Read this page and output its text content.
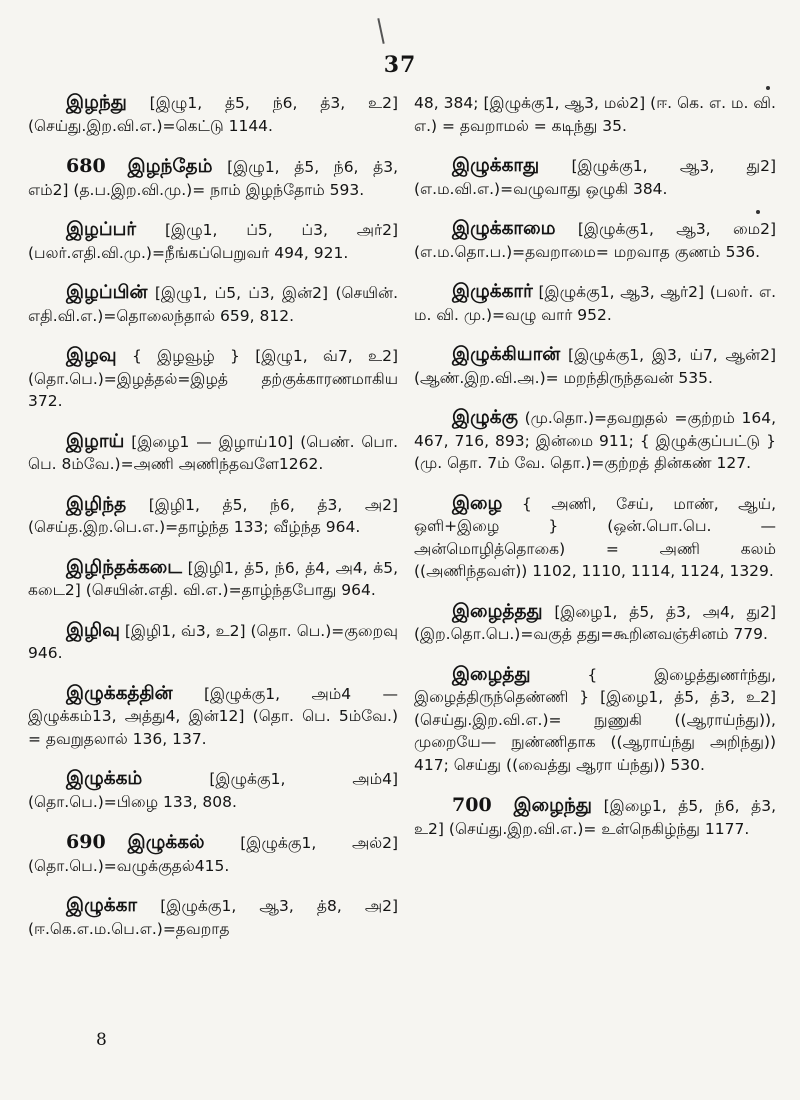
37

இழந்து [இழு1, த்5, ந்6, த்3, உ2] (செய்து.இற.வி.எ.)=கெட்டு 1144.

680 இழந்தேம் [இழு1, த்5, ந்6, த்3, எம்2] (த.ப.இற.வி.மு.)= நாம் இழந்தோம் 593.

இழப்பர் [இழு1, ப்5, ப்3, அர்2] (பலர்.எதி.வி.மு.)=நீங்கப்பெறுவர் 494, 921.

இழப்பின் [இழு1, ப்5, ப்3, இன்2] (செயின். எதி.வி.எ.)=தொலைந்தால் 659, 812.

இழவு { இழவூழ் } [இழு1, வ்7, உ2] (தொ.பெ.)=இழத்தல்=இழத் தற்குக்காரணமாகிய 372.

இழாய் [இழை1 — இழாய்10] (பெண். பொ. பெ. 8ம்வே.)=அணி அணிந்தவளே1262.

இழிந்த [இழி1, த்5, ந்6, த்3, அ2] (செய்த.இற.பெ.எ.)=தாழ்ந்த 133; வீழ்ந்த 964.

இழிந்தக்கடை [இழி1, த்5, ந்6, த்4, அ4, க்5, கடை2] (செயின்.எதி. வி.எ.)=தாழ்ந்தபோது 964.

இழிவு [இழி1, வ்3, உ2] (தொ. பெ.)=குறைவு 946.

இழுக்கத்தின் [இழுக்கு1, அம்4 — இழுக்கம்13, அத்து4, இன்12] (தொ. பெ. 5ம்வே.) = தவறுதலால் 136, 137.

இழுக்கம் [இழுக்கு1, அம்4] (தொ.பெ.)=பிழை 133, 808.

690 இழுக்கல் [இழுக்கு1, அல்2] (தொ.பெ.)=வழுக்குதல்415.

இழுக்கா [இழுக்கு1, ஆ3, த்8, அ2] (ஈ.கெ.எ.ம.பெ.எ.)=தவறாத

48, 384; [இழுக்கு1, ஆ3, மல்2] (ஈ. கெ. எ. ம. வி. எ.) = தவறாமல் = கடிந்து 35.

இழுக்காது [இழுக்கு1, ஆ3, து2] (எ.ம.வி.எ.)=வழுவாது ஒழுகி 384.

இழுக்காமை [இழுக்கு1, ஆ3, மை2] (எ.ம.தொ.ப.)=தவறாமை= மறவாத குணம் 536.

இழுக்கார் [இழுக்கு1, ஆ3, ஆர்2] (பலர். எ. ம. வி. மு.)=வழு வார் 952.

இழுக்கியான் [இழுக்கு1, இ3, ய்7, ஆன்2] (ஆண்.இற.வி.அ.)= மறந்திருந்தவன் 535.

இழுக்கு (மு.தொ.)=தவறுதல் =குற்றம் 164, 467, 716, 893; இன்மை 911; { இழுக்குப்பட்டு } (மு. தொ. 7ம் வே. தொ.)=குற்றத் தின்கண் 127.

இழை { அணி, சேய், மாண், ஆய், ஒளி+இழை } (ஒன்.பொ.பெ. — அன்மொழித்தொகை) = அணி கலம் ((அணிந்தவள்)) 1102, 1110, 1114, 1124, 1329.

இழைத்தது [இழை1, த்5, த்3, அ4, து2] (இற.தொ.பெ.)=வகுத் தது=கூறினவஞ்சினம் 779.

இழைத்து { இழைத்துணர்ந்து, இழைத்திருந்தெண்ணி } [இழை1, த்5, த்3, உ2] (செய்து.இற.வி.எ.)= நுணுகி ((ஆராய்ந்து)), முறையே— நுண்ணிதாக ((ஆராய்ந்து அறிந்து)) 417; செய்து ((வைத்து ஆரா ய்ந்து)) 530.

700 இழைந்து [இழை1, த்5, ந்6, த்3, உ2] (செய்து.இற.வி.எ.)= உள்நெகிழ்ந்து 1177.

8
